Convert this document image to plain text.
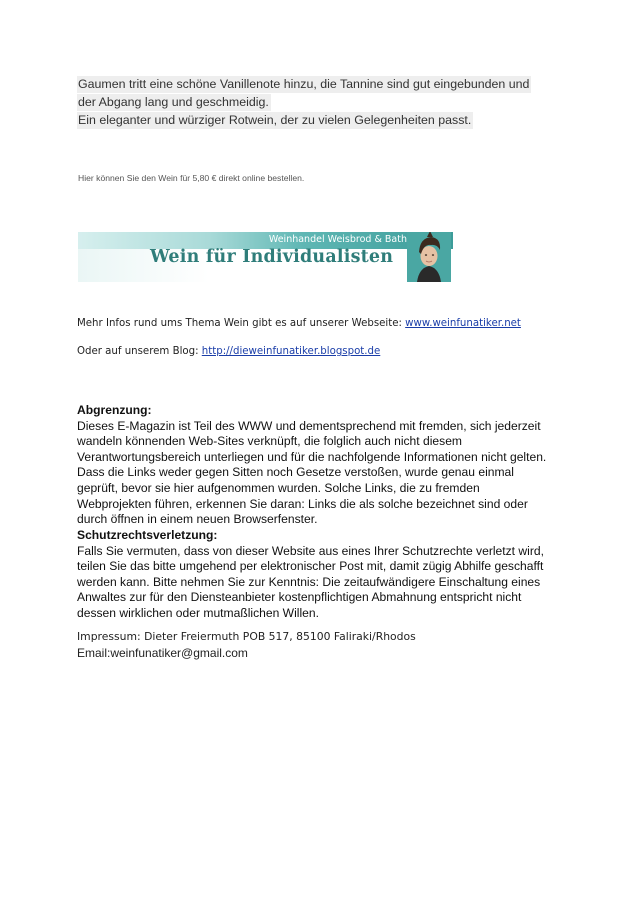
Gaumen tritt eine schöne Vanillenote hinzu, die Tannine sind gut eingebunden und
der Abgang lang und geschmeidig.
Ein eleganter und würziger Rotwein, der zu vielen Gelegenheiten passt.
Hier können Sie den Wein für 5,80 € direkt online bestellen.
Weinhandel Weisbrod & Bath
Wein für Individualisten
Mehr Infos rund ums Thema Wein gibt es auf unserer Webseite: www.weinfunatiker.net
Oder auf unserem Blog: http://dieweinfunatiker.blogspot.de
Abgrenzung:
Dieses E-Magazin ist Teil des WWW und dementsprechend mit fremden, sich jederzeit
wandeln könnenden Web-Sites verknüpft, die folglich auch nicht diesem
Verantwortungsbereich unterliegen und für die nachfolgende Informationen nicht gelten.
Dass die Links weder gegen Sitten noch Gesetze verstoßen, wurde genau einmal
geprüft, bevor sie hier aufgenommen wurden. Solche Links, die zu fremden
Webprojekten führen, erkennen Sie daran: Links die als solche bezeichnet sind oder
durch öffnen in einem neuen Browserfenster.
Schutzrechtsverletzung:
Falls Sie vermuten, dass von dieser Website aus eines Ihrer Schutzrechte verletzt wird,
teilen Sie das bitte umgehend per elektronischer Post mit, damit zügig Abhilfe geschafft
werden kann. Bitte nehmen Sie zur Kenntnis: Die zeitaufwändigere Einschaltung eines
Anwaltes zur für den Diensteanbieter kostenpflichtigen Abmahnung entspricht nicht
dessen wirklichen oder mutmaßlichen Willen.
Impressum: Dieter Freiermuth POB 517, 85100 Faliraki/Rhodos
Email:weinfunatiker@gmail.com
